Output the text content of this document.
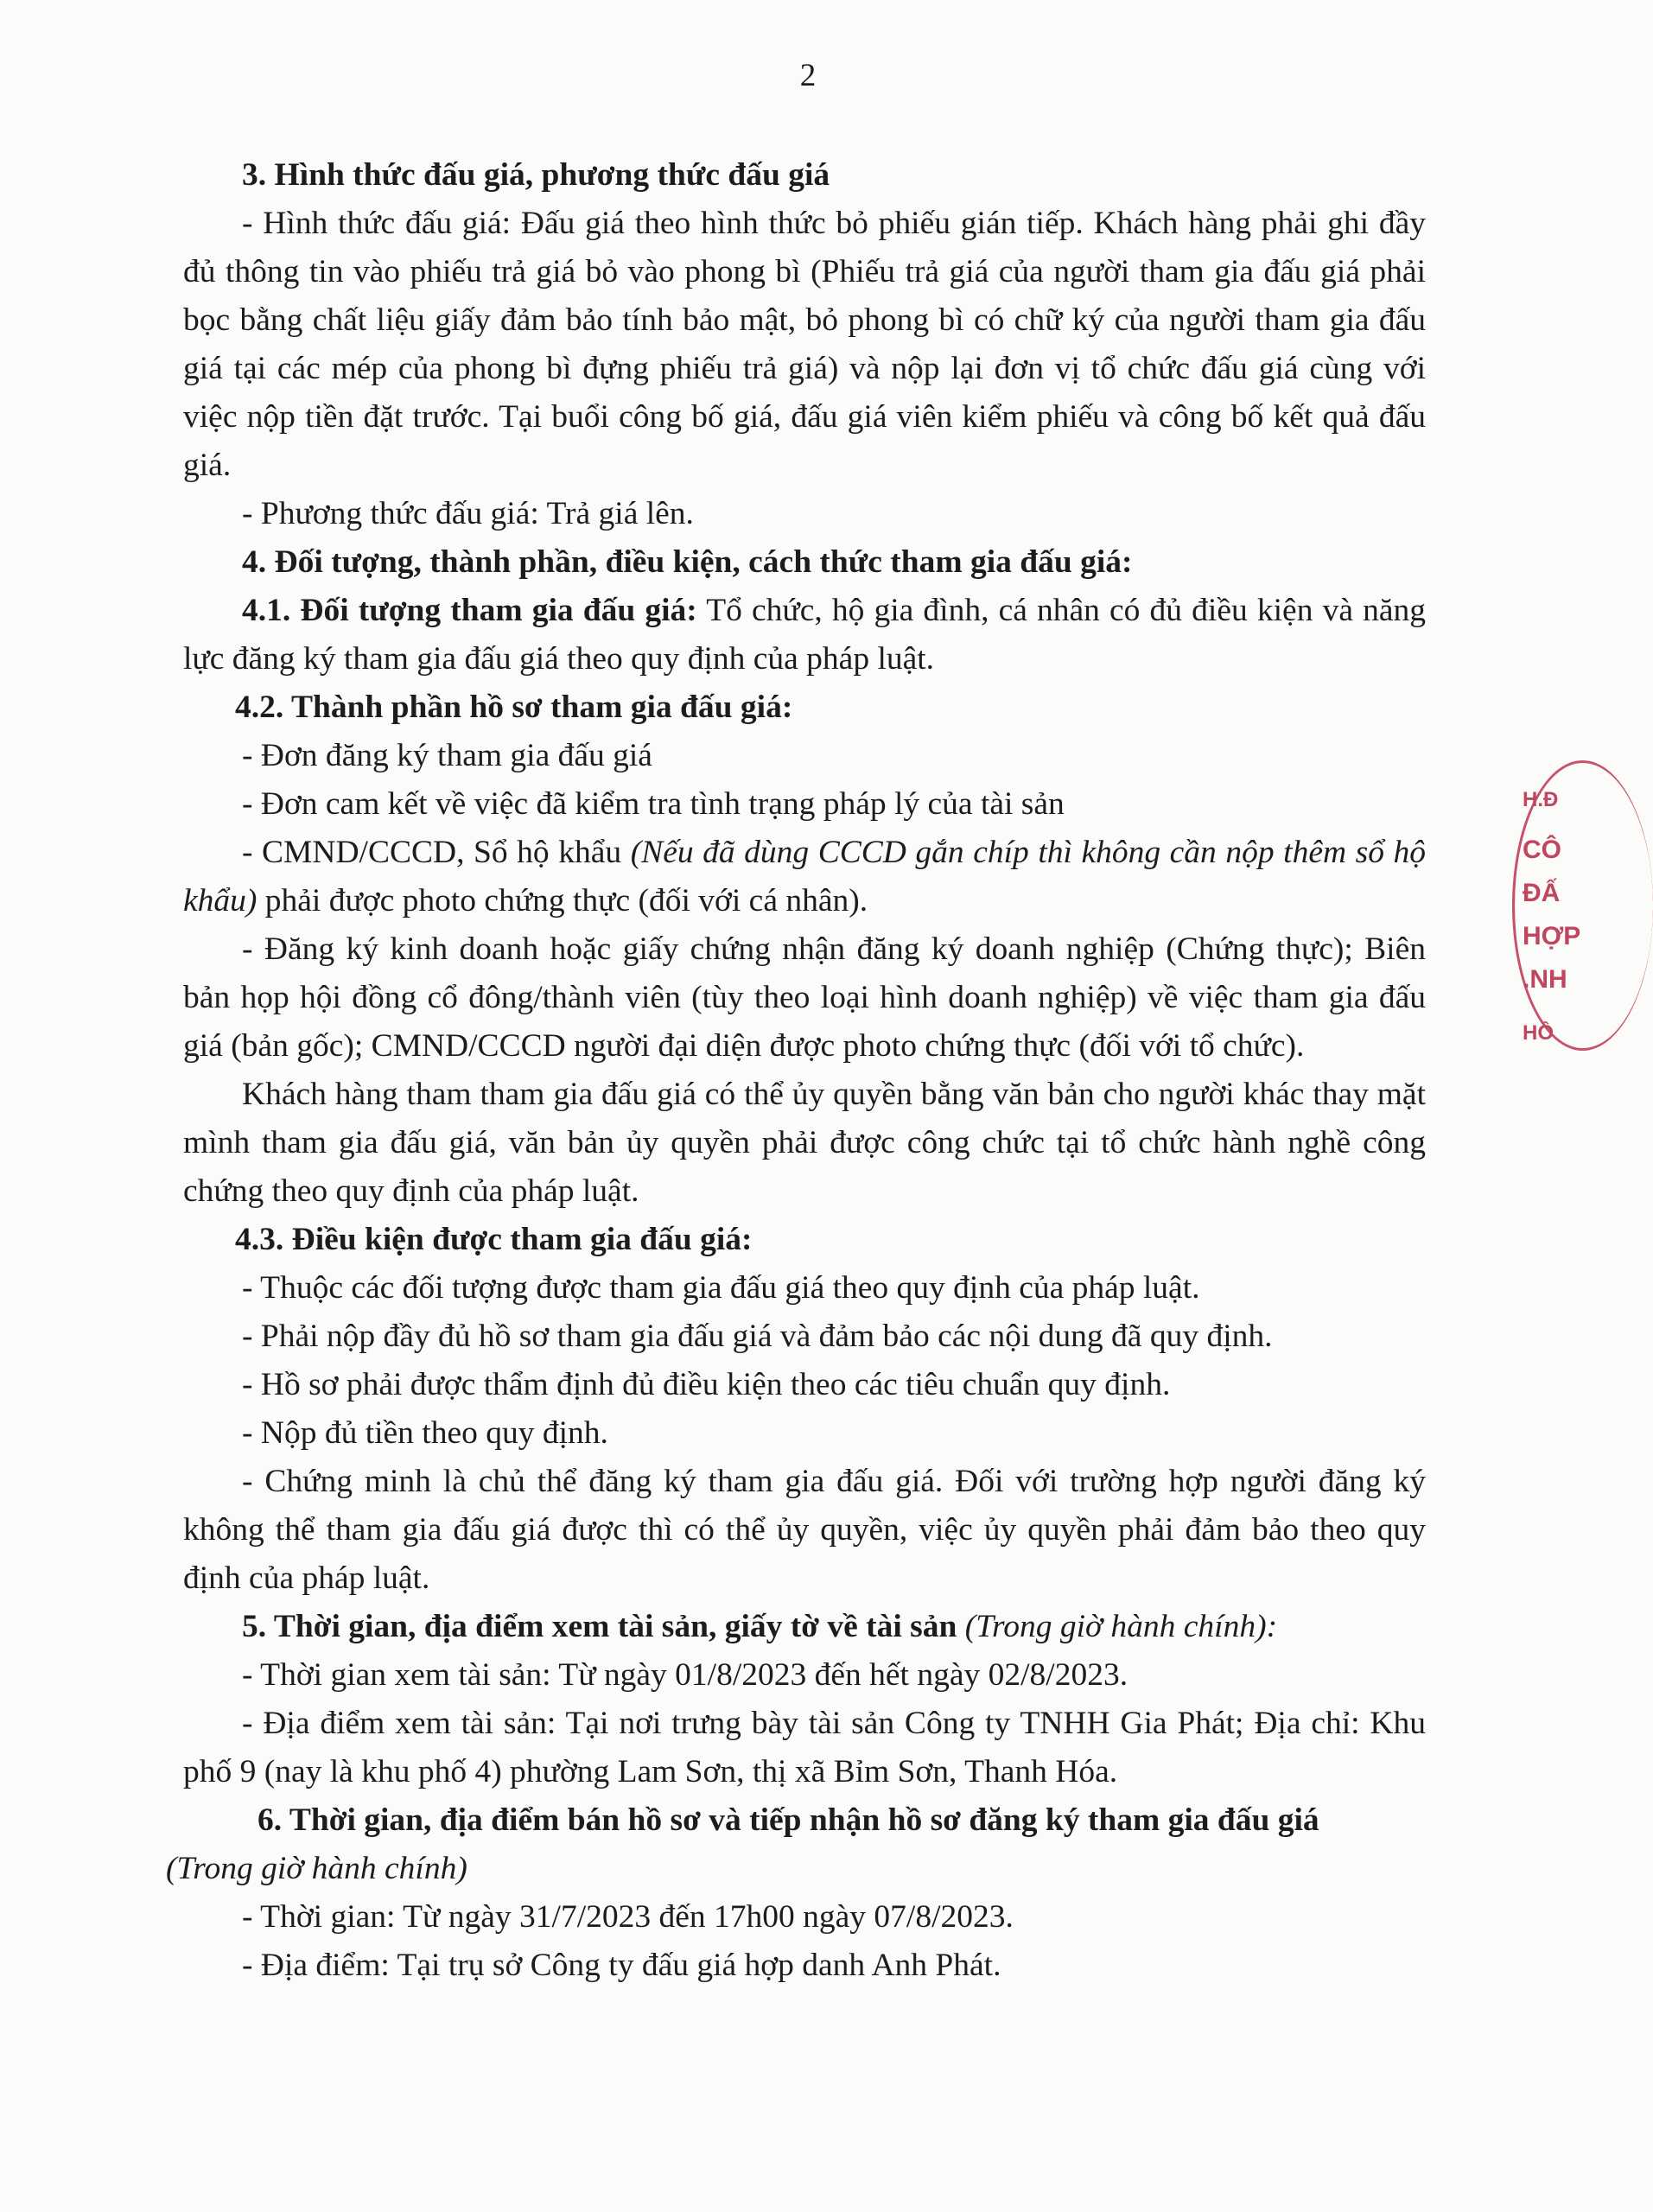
2

3. Hình thức đấu giá, phương thức đấu giá

- Hình thức đấu giá: Đấu giá theo hình thức bỏ phiếu gián tiếp. Khách hàng phải ghi đầy đủ thông tin vào phiếu trả giá bỏ vào phong bì (Phiếu trả giá của người tham gia đấu giá phải bọc bằng chất liệu giấy đảm bảo tính bảo mật, bỏ phong bì có chữ ký của người tham gia đấu giá tại các mép của phong bì đựng phiếu trả giá) và nộp lại đơn vị tổ chức đấu giá cùng với việc nộp tiền đặt trước. Tại buổi công bố giá, đấu giá viên kiểm phiếu và công bố kết quả đấu giá.

- Phương thức đấu giá: Trả giá lên.

4. Đối tượng, thành phần, điều kiện, cách thức tham gia đấu giá:

4.1. Đối tượng tham gia đấu giá: Tổ chức, hộ gia đình, cá nhân có đủ điều kiện và năng lực đăng ký tham gia đấu giá theo quy định của pháp luật.

4.2. Thành phần hồ sơ tham gia đấu giá:

- Đơn đăng ký tham gia đấu giá

- Đơn cam kết về việc đã kiểm tra tình trạng pháp lý của tài sản

- CMND/CCCD, Sổ hộ khẩu (Nếu đã dùng CCCD gắn chíp thì không cần nộp thêm sổ hộ khẩu) phải được photo chứng thực (đối với cá nhân).

- Đăng ký kinh doanh hoặc giấy chứng nhận đăng ký doanh nghiệp (Chứng thực); Biên bản họp hội đồng cổ đông/thành viên (tùy theo loại hình doanh nghiệp) về việc tham gia đấu giá (bản gốc); CMND/CCCD người đại diện được photo chứng thực (đối với tổ chức).

Khách hàng tham tham gia đấu giá có thể ủy quyền bằng văn bản cho người khác thay mặt mình tham gia đấu giá, văn bản ủy quyền phải được công chức tại tổ chức hành nghề công chứng theo quy định của pháp luật.

4.3. Điều kiện được tham gia đấu giá:

- Thuộc các đối tượng được tham gia đấu giá theo quy định của pháp luật.

- Phải nộp đầy đủ hồ sơ tham gia đấu giá và đảm bảo các nội dung đã quy định.

- Hồ sơ phải được thẩm định đủ điều kiện theo các tiêu chuẩn quy định.

- Nộp đủ tiền theo quy định.

- Chứng minh là chủ thể đăng ký tham gia đấu giá. Đối với trường hợp người đăng ký không thể tham gia đấu giá được thì có thể ủy quyền, việc ủy quyền phải đảm bảo theo quy định của pháp luật.

5. Thời gian, địa điểm xem tài sản, giấy tờ về tài sản (Trong giờ hành chính):

- Thời gian xem tài sản: Từ ngày 01/8/2023 đến hết ngày 02/8/2023.

- Địa điểm xem tài sản: Tại nơi trưng bày tài sản Công ty TNHH Gia Phát; Địa chỉ: Khu phố 9 (nay là khu phố 4) phường Lam Sơn, thị xã Bỉm Sơn, Thanh Hóa.

6. Thời gian, địa điểm bán hồ sơ và tiếp nhận hồ sơ đăng ký tham gia đấu giá

(Trong giờ hành chính)

- Thời gian: Từ ngày 31/7/2023 đến 17h00 ngày 07/8/2023.

- Địa điểm: Tại trụ sở Công ty đấu giá hợp danh Anh Phát.

H.Đ
CÔ
ĐẤ
HỢP
.NH
HỒ
